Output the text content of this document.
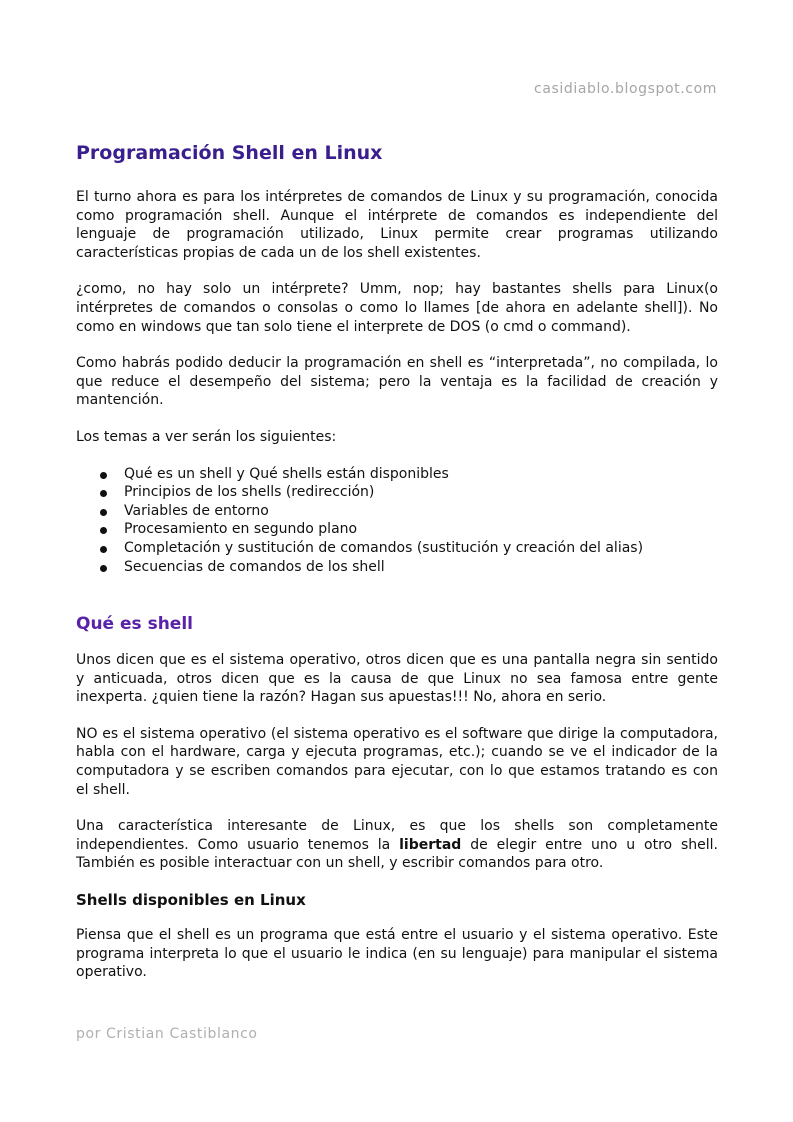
casidiablo.blogspot.com
Programación Shell en Linux

El turno ahora es para los intérpretes de comandos de Linux y su programación, conocida como programación shell. Aunque el intérprete de comandos es independiente del lenguaje de programación utilizado, Linux permite crear programas utilizando características propias de cada un de los shell existentes.

¿como, no hay solo un intérprete? Umm, nop; hay bastantes shells para Linux(o intérpretes de comandos o consolas o como lo llames [de ahora en adelante shell]). No como en windows que tan solo tiene el interprete de DOS (o cmd o command).

Como habrás podido deducir la programación en shell es “interpretada”, no compilada, lo que reduce el desempeño del sistema; pero la ventaja es la facilidad de creación y mantención.

Los temas a ver serán los siguientes:

Qué es un shell y Qué shells están disponibles
Principios de los shells (redirección)
Variables de entorno
Procesamiento en segundo plano
Completación y sustitución de comandos (sustitución y creación del alias)
Secuencias de comandos de los shell
Qué es shell

Unos dicen que es el sistema operativo, otros dicen que es una pantalla negra sin sentido y anticuada, otros dicen que es la causa de que Linux no sea famosa entre gente inexperta. ¿quien tiene la razón? Hagan sus apuestas!!! No, ahora en serio.

NO es el sistema operativo (el sistema operativo es el software que dirige la computadora, habla con el hardware, carga y ejecuta programas, etc.); cuando se ve el indicador de la computadora y se escriben comandos para ejecutar, con lo que estamos tratando es con el shell.

Una característica interesante de Linux, es que los shells son completamente independientes. Como usuario tenemos la libertad de elegir entre uno u otro shell. También es posible interactuar con un shell, y escribir comandos para otro.

Shells disponibles en Linux

Piensa que el shell es un programa que está entre el usuario y el sistema operativo. Este programa interpreta lo que el usuario le indica (en su lenguaje) para manipular el sistema operativo.

por Cristian Castiblanco
